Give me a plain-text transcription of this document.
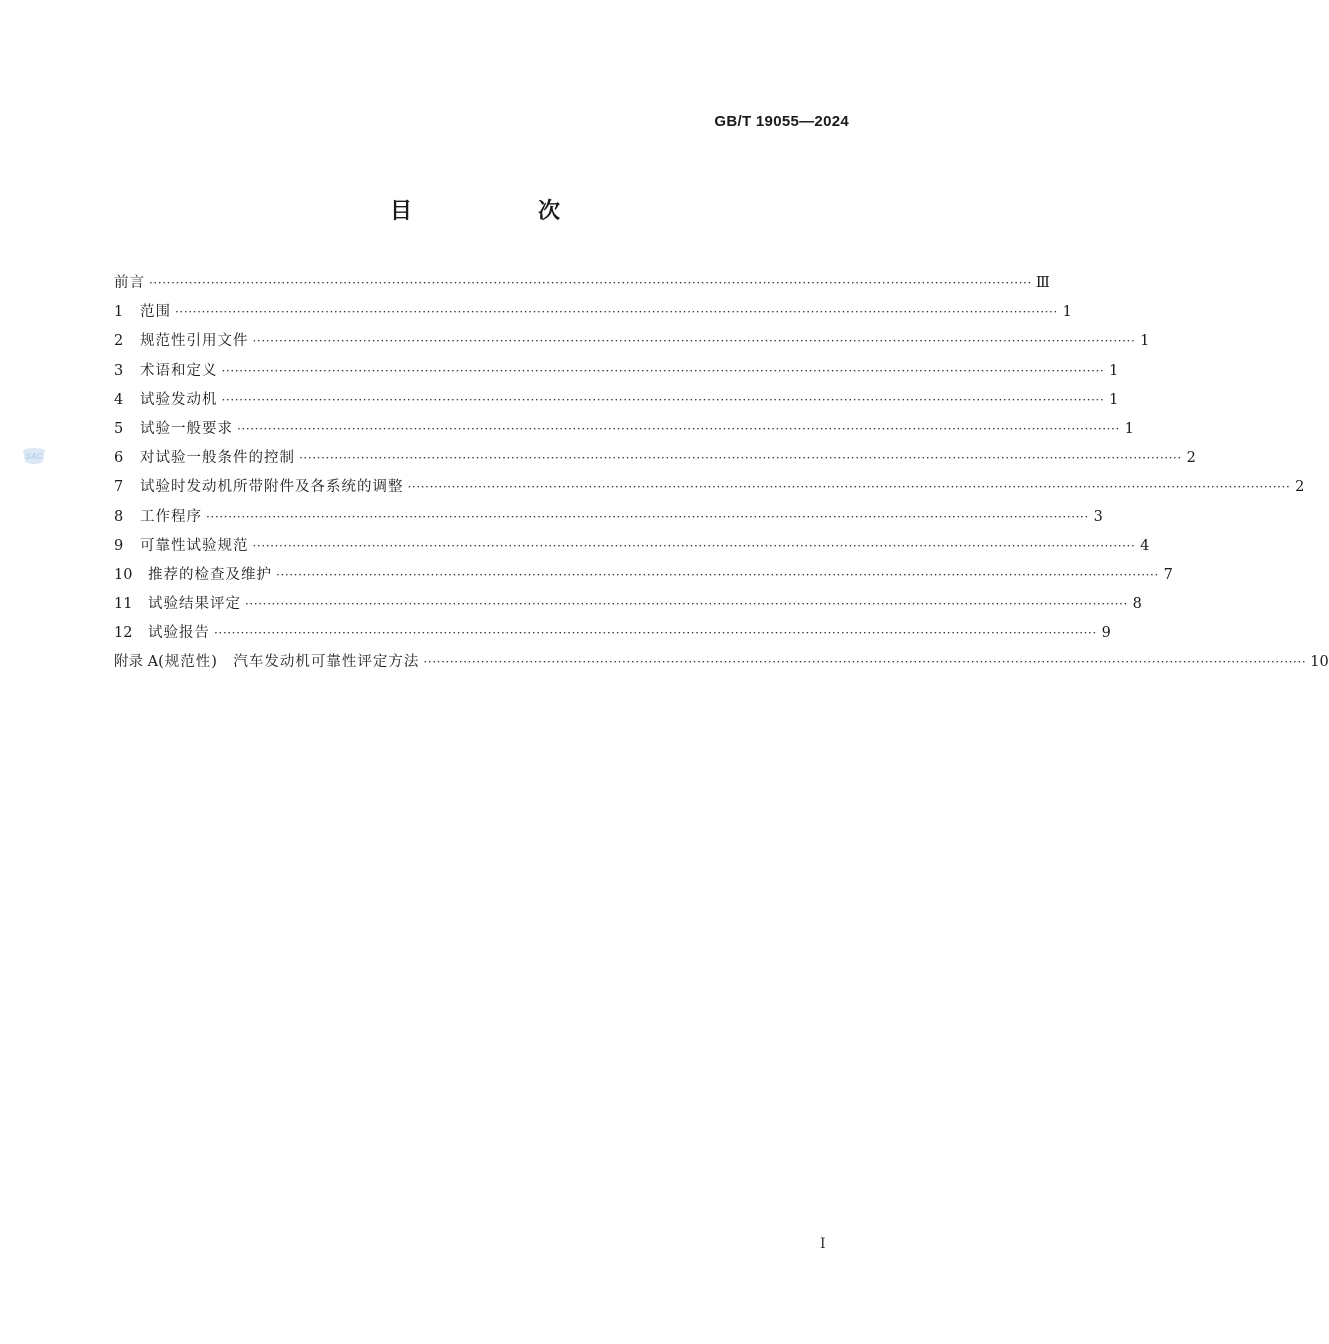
GB/T 19055—2024
目　次
SAC
前言 ········································································································································································································ Ⅲ
1	范围 ········································································································································································································ 1
2	规范性引用文件 ········································································································································································································ 1
3	术语和定义 ········································································································································································································ 1
4	试验发动机 ········································································································································································································ 1
5	试验一般要求 ········································································································································································································ 1
6	对试验一般条件的控制 ········································································································································································································ 2
7	试验时发动机所带附件及各系统的调整 ········································································································································································································ 2
8	工作程序 ········································································································································································································ 3
9	可靠性试验规范 ········································································································································································································ 4
10	推荐的检查及维护 ········································································································································································································ 7
11	试验结果评定 ········································································································································································································ 8
12	试验报告 ········································································································································································································ 9
附录 A (规范性)　汽车发动机可靠性评定方法 ········································································································································································································ 10
I
